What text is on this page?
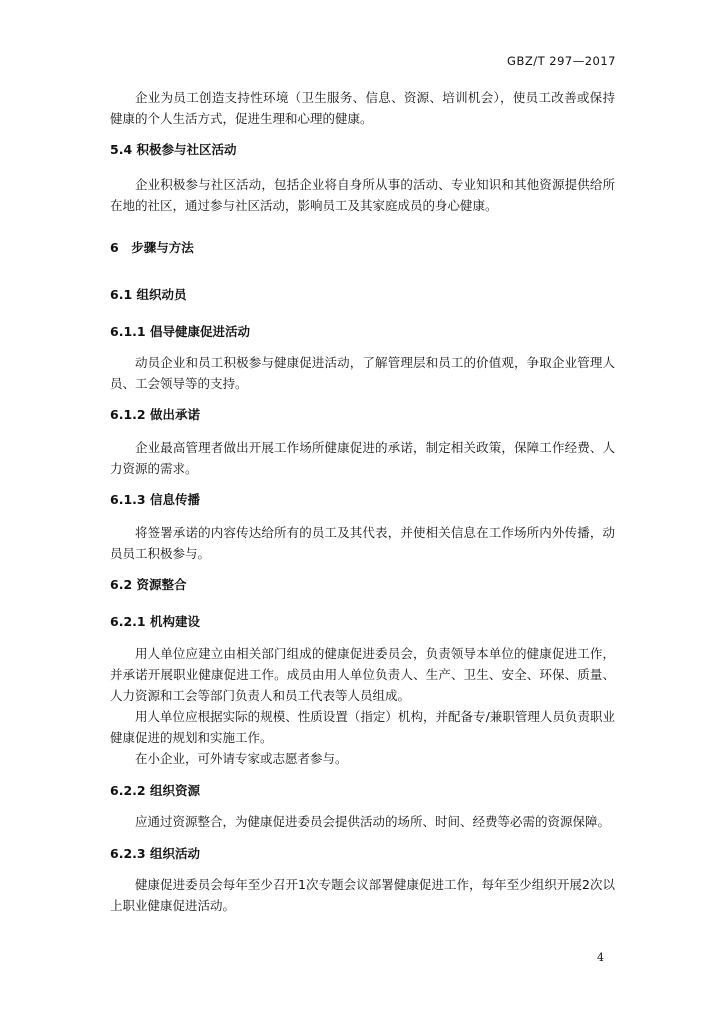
GBZ/T 297—2017

企业为员工创造支持性环境（卫生服务、信息、资源、培训机会），使员工改善或保持健康的个人生活方式，促进生理和心理的健康。

5.4 积极参与社区活动

企业积极参与社区活动，包括企业将自身所从事的活动、专业知识和其他资源提供给所在地的社区，通过参与社区活动，影响员工及其家庭成员的身心健康。

6　步骤与方法
6.1 组织动员
6.1.1 倡导健康促进活动

动员企业和员工积极参与健康促进活动，了解管理层和员工的价值观，争取企业管理人员、工会领导等的支持。

6.1.2 做出承诺

企业最高管理者做出开展工作场所健康促进的承诺，制定相关政策，保障工作经费、人力资源的需求。

6.1.3 信息传播

将签署承诺的内容传达给所有的员工及其代表，并使相关信息在工作场所内外传播，动员员工积极参与。

6.2 资源整合
6.2.1 机构建设

用人单位应建立由相关部门组成的健康促进委员会，负责领导本单位的健康促进工作，并承诺开展职业健康促进工作。成员由用人单位负责人、生产、卫生、安全、环保、质量、人力资源和工会等部门负责人和员工代表等人员组成。

用人单位应根据实际的规模、性质设置（指定）机构，并配备专/兼职管理人员负责职业健康促进的规划和实施工作。

在小企业，可外请专家或志愿者参与。

6.2.2 组织资源

应通过资源整合，为健康促进委员会提供活动的场所、时间、经费等必需的资源保障。

6.2.3 组织活动

健康促进委员会每年至少召开1次专题会议部署健康促进工作，每年至少组织开展2次以上职业健康促进活动。

4
